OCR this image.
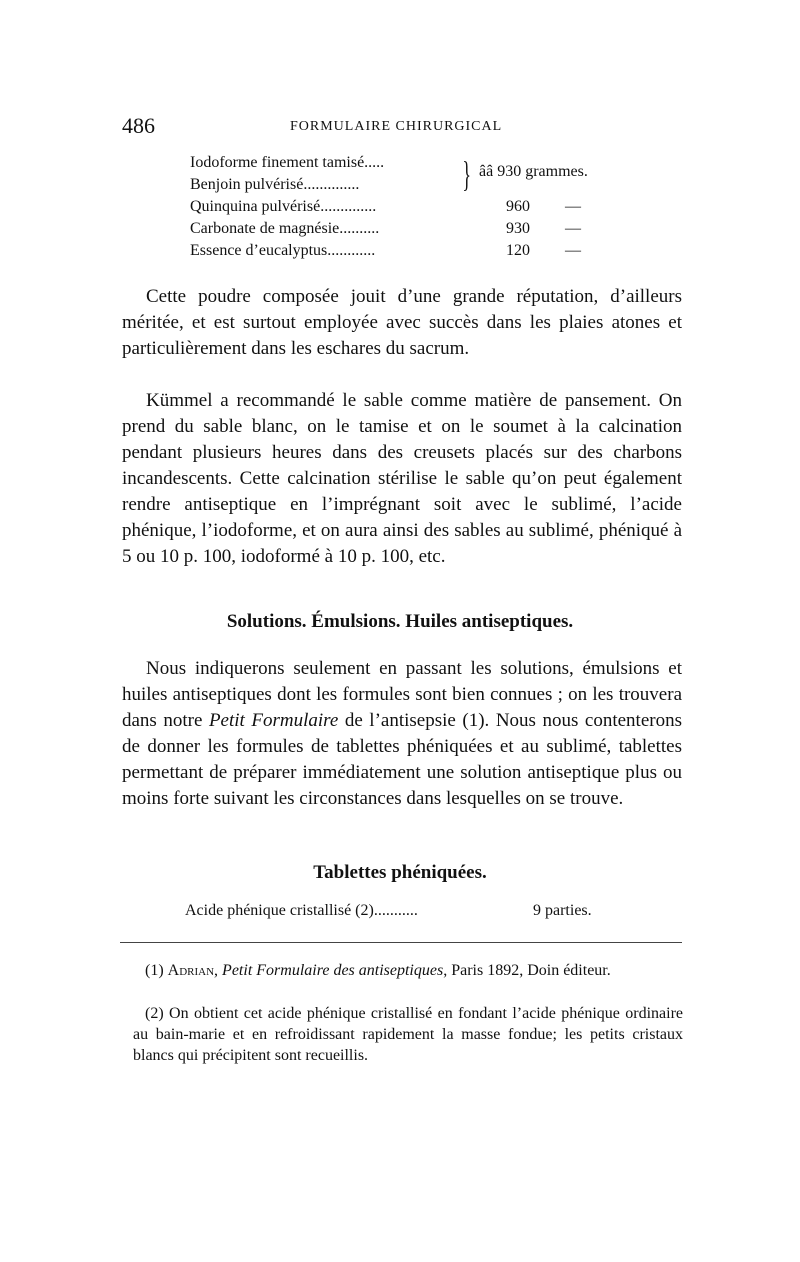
486	FORMULAIRE CHIRURGICAL
Iodoforme finement tamisé.....
Benjoin pulvérisé..............	} ââ 930 grammes.
Quinquina pulvérisé..............	960 —
Carbonate de magnésie..........	930 —
Essence d’eucalyptus............	120 —

Cette poudre composée jouit d’une grande réputation, d’ailleurs méritée, et est surtout employée avec succès dans les plaies atones et particulièrement dans les eschares du sacrum.

Kümmel a recommandé le sable comme matière de pansement. On prend du sable blanc, on le tamise et on le soumet à la calcination pendant plusieurs heures dans des creusets placés sur des charbons incandescents. Cette calcination stérilise le sable qu’on peut également rendre antiseptique en l’imprégnant soit avec le sublimé, l’acide phénique, l’iodoforme, et on aura ainsi des sables au sublimé, phéniqué à 5 ou 10 p. 100, iodoformé à 10 p. 100, etc.

Solutions. Émulsions. Huiles antiseptiques.

Nous indiquerons seulement en passant les solutions, émulsions et huiles antiseptiques dont les formules sont bien connues ; on les trouvera dans notre Petit Formulaire de l’antisepsie (1). Nous nous contenterons de donner les formules de tablettes phéniquées et au sublimé, tablettes permettant de préparer immédiatement une solution antiseptique plus ou moins forte suivant les circonstances dans lesquelles on se trouve.

Tablettes phéniquées.
Acide phénique cristallisé (2)...........	9 parties.

(1) Adrian, Petit Formulaire des antiseptiques, Paris 1892, Doin éditeur.

(2) On obtient cet acide phénique cristallisé en fondant l’acide phénique ordinaire au bain-marie et en refroidissant rapidement la masse fondue; les petits cristaux blancs qui précipitent sont recueillis.
